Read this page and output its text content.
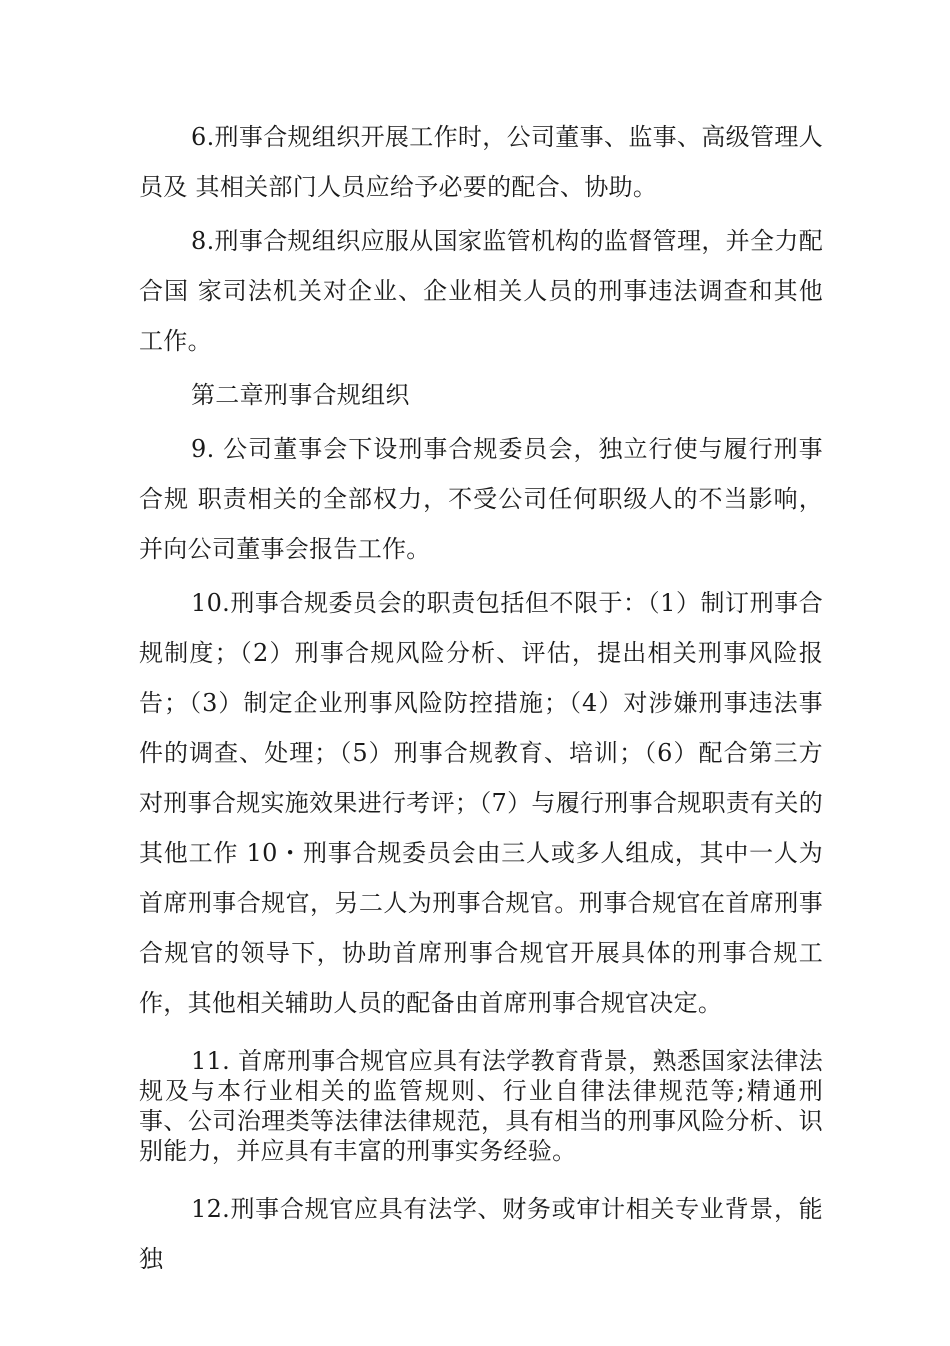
6.刑事合规组织开展工作时，公司董事、监事、高级管理人员及 其相关部门人员应给予必要的配合、协助。

8.刑事合规组织应服从国家监管机构的监督管理，并全力配合国 家司法机关对企业、企业相关人员的刑事违法调查和其他工作。

第二章刑事合规组织

9. 公司董事会下设刑事合规委员会，独立行使与履行刑事合规 职责相关的全部权力，不受公司任何职级人的不当影响，并向公司董事会报告工作。

10.刑事合规委员会的职责包括但不限于：（1）制订刑事合规制度；（2）刑事合规风险分析、评估，提出相关刑事风险报告；（3）制定企业刑事风险防控措施；（4）对涉嫌刑事违法事件的调查、处理；（5）刑事合规教育、培训；（6）配合第三方对刑事合规实施效果进行考评；（7）与履行刑事合规职责有关的其他工作 10・刑事合规委员会由三人或多人组成，其中一人为首席刑事合规官，另二人为刑事合规官。刑事合规官在首席刑事合规官的领导下，协助首席刑事合规官开展具体的刑事合规工作，其他相关辅助人员的配备由首席刑事合规官决定。

11. 首席刑事合规官应具有法学教育背景，熟悉国家法律法规及与本行业相关的监管规则、行业自律法律规范等;精通刑事、公司治理类等法律法律规范，具有相当的刑事风险分析、识别能力，并应具有丰富的刑事实务经验。

12.刑事合规官应具有法学、财务或审计相关专业背景，能独
